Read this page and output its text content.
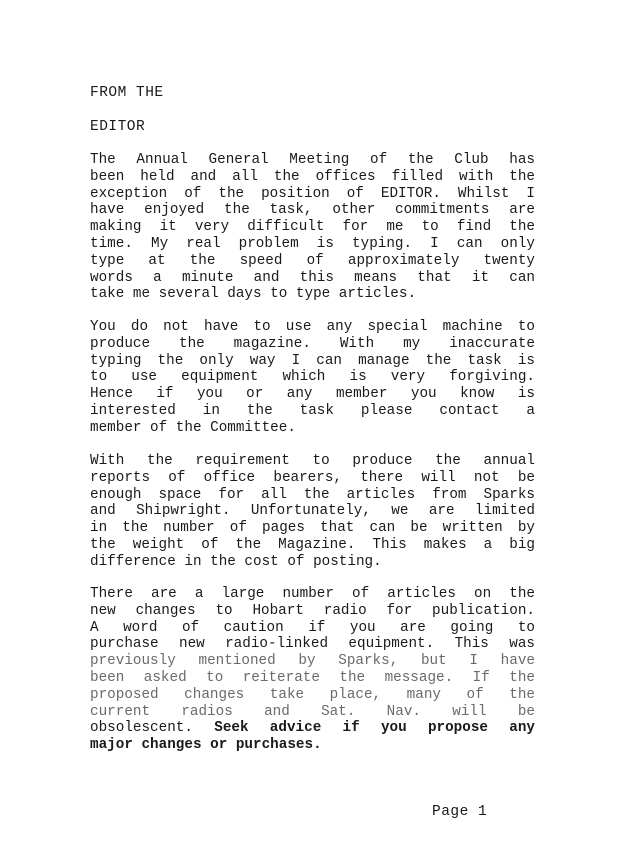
FROM THE
EDITOR
The Annual General Meeting of the Club has
been held and all the offices filled with the
exception of the position of EDITOR. Whilst I
have enjoyed the task, other commitments are
making it very difficult for me to find the
time. My real problem is typing. I can only
type at the speed of approximately twenty
words a minute and this means that it can
take me several days to type articles.
You do not have to use any special machine to
produce the magazine. With my inaccurate
typing the only way I can manage the task is
to use equipment which is very forgiving.
Hence if you or any member you know is
interested in the task please contact a
member of the Committee.
With the requirement to produce the annual
reports of office bearers, there will not be
enough space for all the articles from Sparks
and Shipwright. Unfortunately, we are limited
in the number of pages that can be written by
the weight of the Magazine. This makes a big
difference in the cost of posting.
There are a large number of articles on the
new changes to Hobart radio for publication.
A word of caution if you are going to
purchase new radio-linked equipment. This was
previously mentioned by Sparks, but I have
been asked to reiterate the message. If the
proposed changes take place, many of the
current radios and Sat. Nav. will be
obsolescent. Seek advice if you propose any
major changes or purchases.
Page 1
